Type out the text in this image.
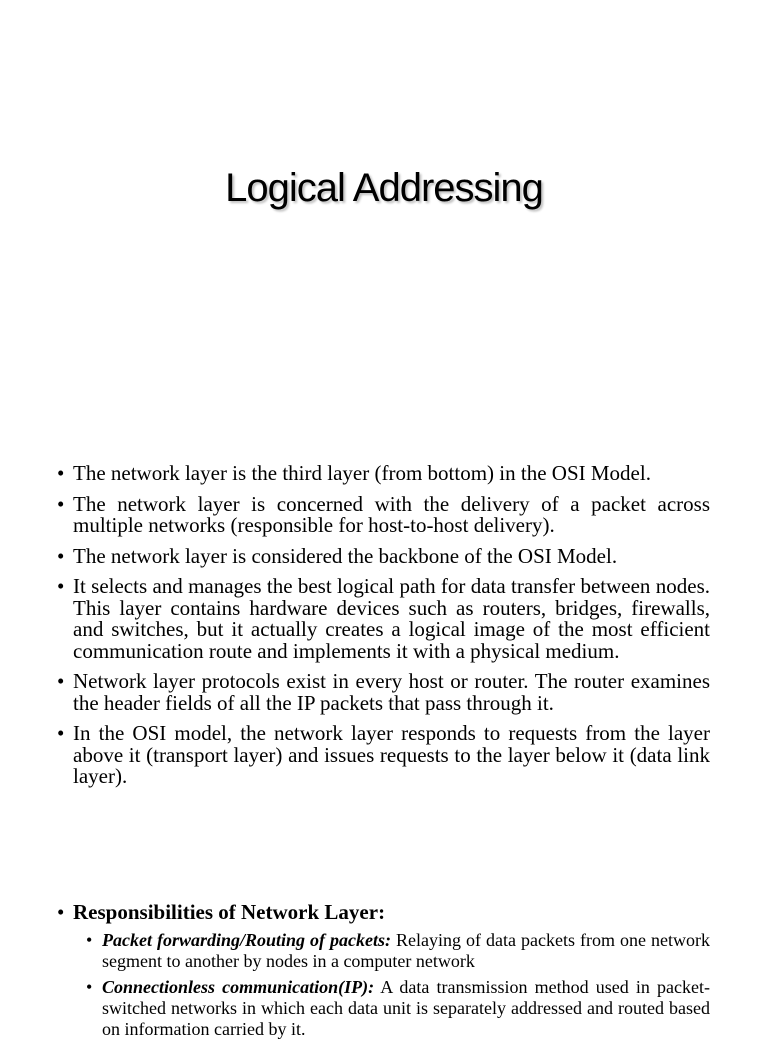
Logical Addressing
• The network layer is the third layer (from bottom) in the OSI Model.
• The network layer is concerned with the delivery of a packet across multiple networks (responsible for host-to-host delivery).
• The network layer is considered the backbone of the OSI Model.
• It selects and manages the best logical path for data transfer between nodes. This layer contains hardware devices such as routers, bridges, firewalls, and switches, but it actually creates a logical image of the most efficient communication route and implements it with a physical medium.
• Network layer protocols exist in every host or router. The router examines the header fields of all the IP packets that pass through it.
• In the OSI model, the network layer responds to requests from the layer above it (transport layer) and issues requests to the layer below it (data link layer).
• Responsibilities of Network Layer:
• Packet forwarding/Routing of packets: Relaying of data packets from one network segment to another by nodes in a computer network
• Connectionless communication(IP): A data transmission method used in packet-switched networks in which each data unit is separately addressed and routed based on information carried by it.
